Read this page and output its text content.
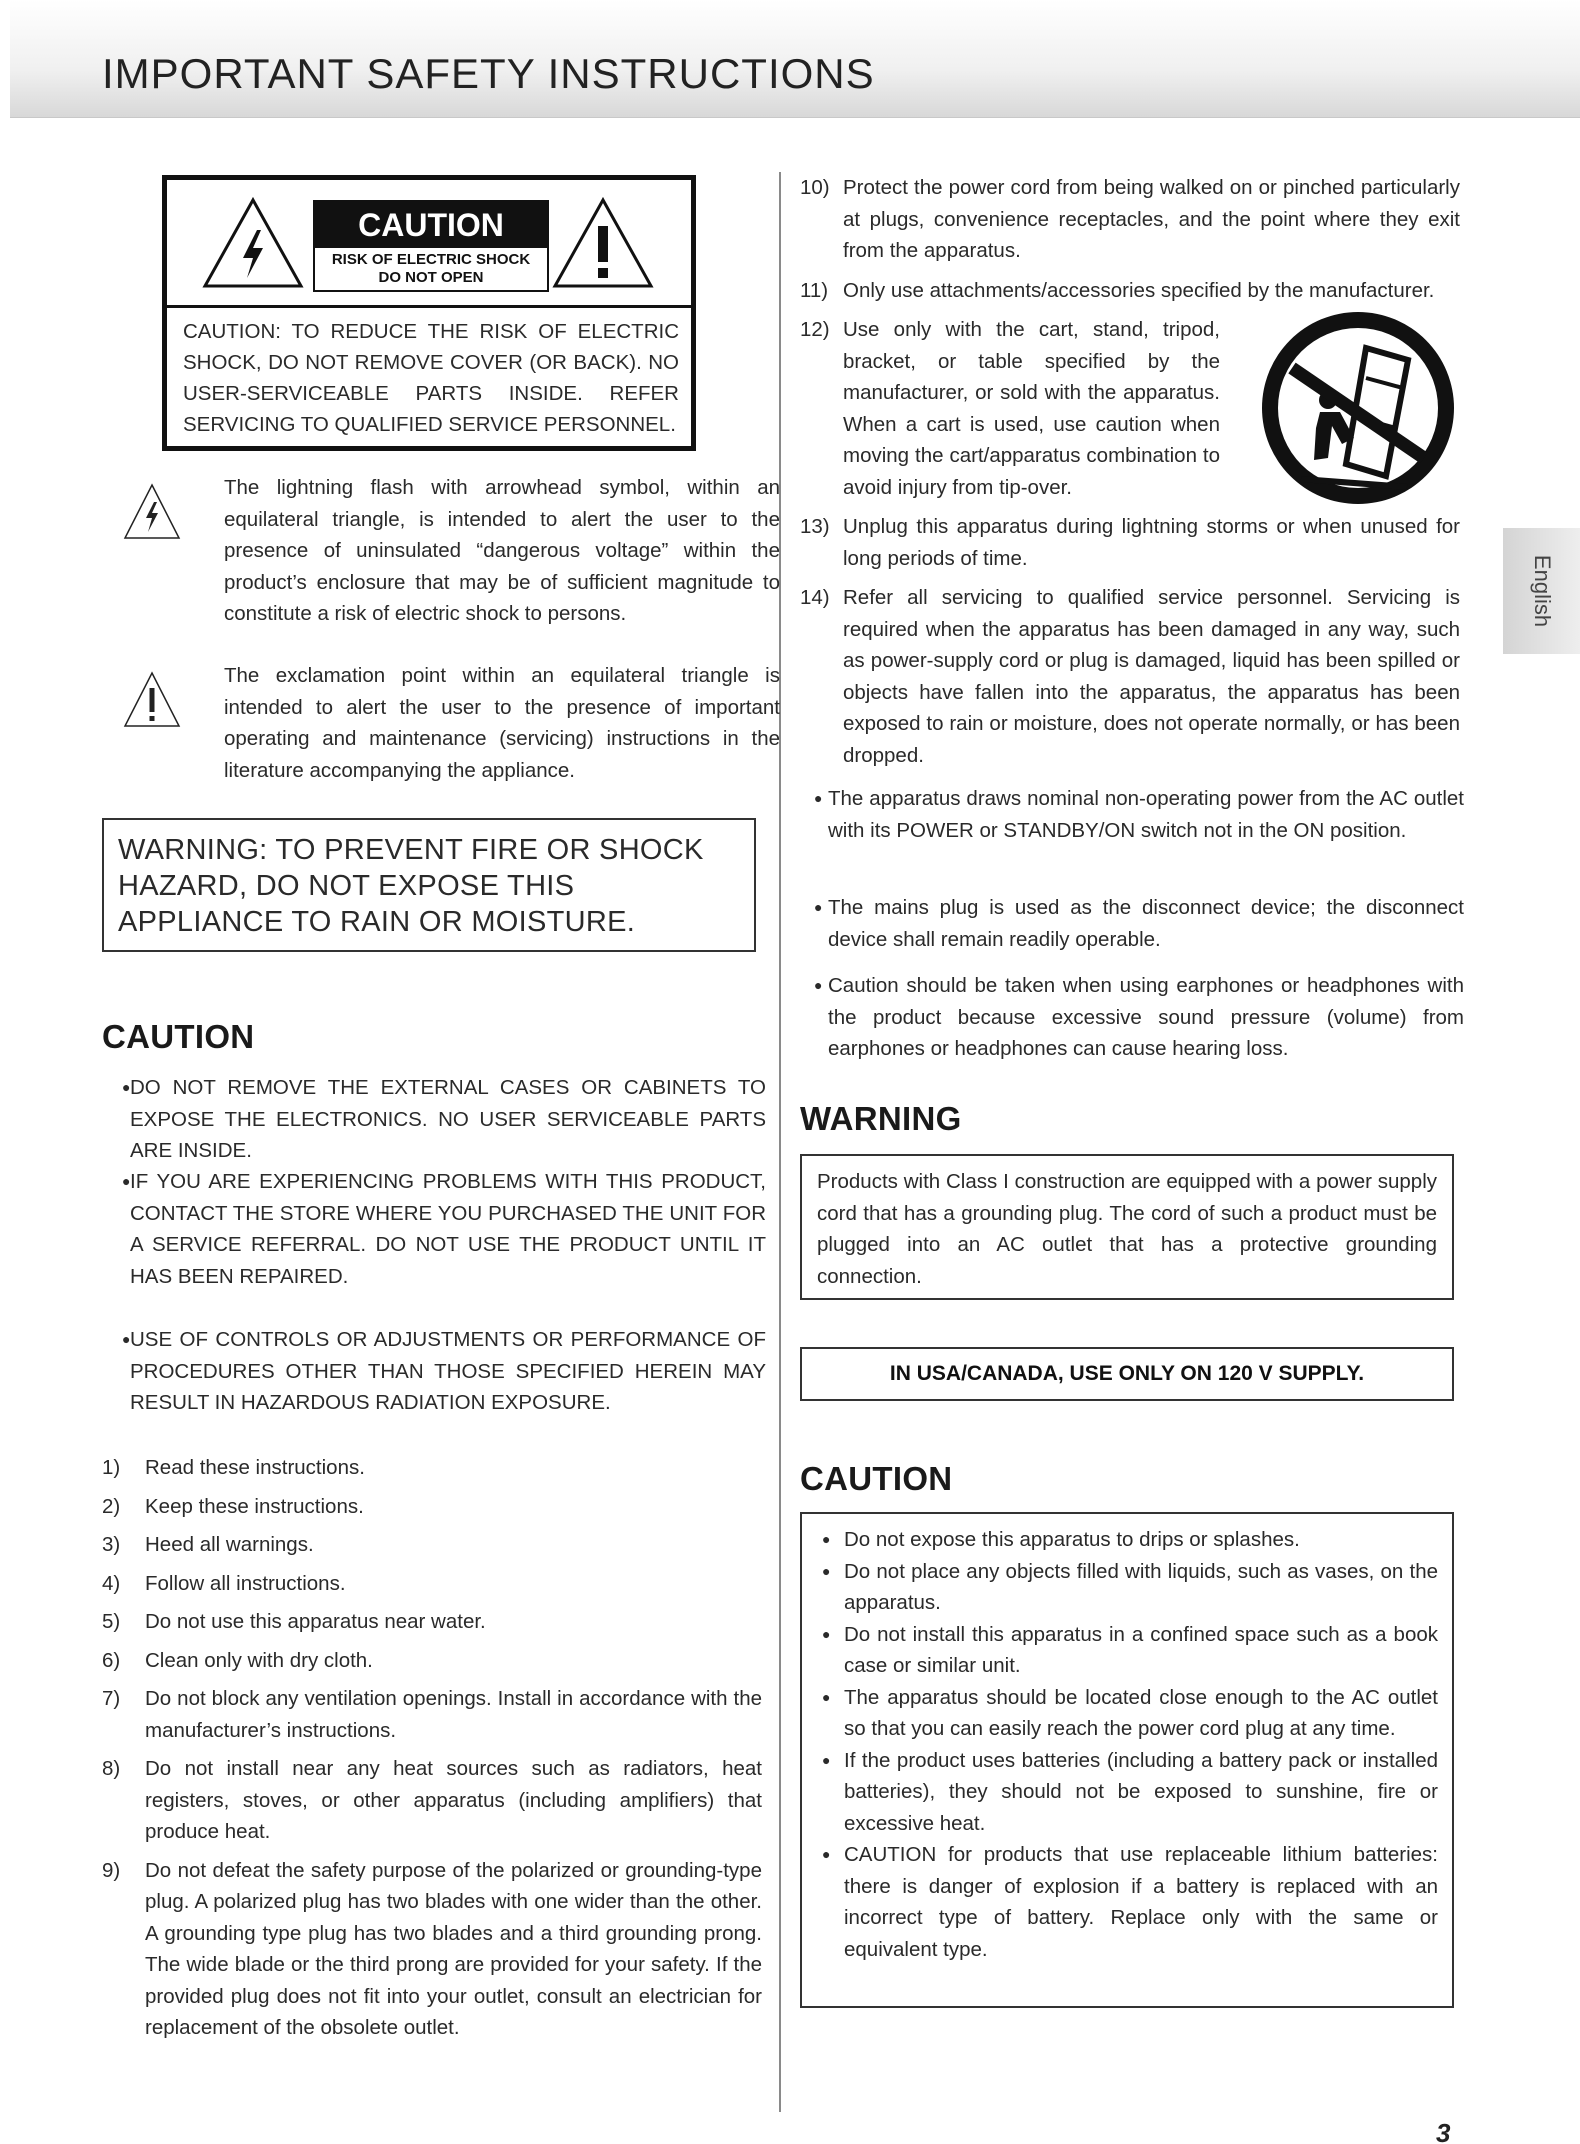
IMPORTANT SAFETY INSTRUCTIONS
English
CAUTION
RISK OF ELECTRIC SHOCK
DO NOT OPEN
CAUTION: TO REDUCE THE RISK OF ELECTRIC SHOCK, DO NOT REMOVE COVER (OR BACK). NO USER-SERVICEABLE PARTS INSIDE. REFER SERVICING TO QUALIFIED SERVICE PERSONNEL.
The lightning flash with arrowhead symbol, within an equilateral triangle, is intended to alert the user to the presence of uninsulated “dangerous voltage” within the product’s enclosure that may be of sufficient magnitude to constitute a risk of electric shock to persons.
The exclamation point within an equilateral triangle is intended to alert the user to the presence of important operating and maintenance (servicing) instructions in the literature accompanying the appliance.
WARNING: TO PREVENT FIRE OR SHOCK HAZARD, DO NOT EXPOSE THIS APPLIANCE TO RAIN OR MOISTURE.
CAUTION
● DO NOT REMOVE THE EXTERNAL CASES OR CABINETS TO EXPOSE THE ELECTRONICS. NO USER SERVICEABLE PARTS ARE INSIDE.
● IF YOU ARE EXPERIENCING PROBLEMS WITH THIS PRODUCT, CONTACT THE STORE WHERE YOU PURCHASED THE UNIT FOR A SERVICE REFERRAL. DO NOT USE THE PRODUCT UNTIL IT HAS BEEN REPAIRED.
● USE OF CONTROLS OR ADJUSTMENTS OR PERFORMANCE OF PROCEDURES OTHER THAN THOSE SPECIFIED HEREIN MAY RESULT IN HAZARDOUS RADIATION EXPOSURE.
1) Read these instructions.
2) Keep these instructions.
3) Heed all warnings.
4) Follow all instructions.
5) Do not use this apparatus near water.
6) Clean only with dry cloth.
7) Do not block any ventilation openings. Install in accordance with the manufacturer’s instructions.
8) Do not install near any heat sources such as radiators, heat registers, stoves, or other apparatus (including amplifiers) that produce heat.
9) Do not defeat the safety purpose of the polarized or grounding-type plug. A polarized plug has two blades with one wider than the other. A grounding type plug has two blades and a third grounding prong. The wide blade or the third prong are provided for your safety. If the provided plug does not fit into your outlet, consult an electrician for replacement of the obsolete outlet.
10) Protect the power cord from being walked on or pinched particularly at plugs, convenience receptacles, and the point where they exit from the apparatus.
11) Only use attachments/accessories specified by the manufacturer.
12) Use only with the cart, stand, tripod, bracket, or table specified by the manufacturer, or sold with the apparatus. When a cart is used, use caution when moving the cart/apparatus combination to avoid injury from tip-over.
13) Unplug this apparatus during lightning storms or when unused for long periods of time.
14) Refer all servicing to qualified service personnel. Servicing is required when the apparatus has been damaged in any way, such as power-supply cord or plug is damaged, liquid has been spilled or objects have fallen into the apparatus, the apparatus has been exposed to rain or moisture, does not operate normally, or has been dropped.
● The apparatus draws nominal non-operating power from the AC outlet with its POWER or STANDBY/ON switch not in the ON position.
● The mains plug is used as the disconnect device; the disconnect device shall remain readily operable.
● Caution should be taken when using earphones or headphones with the product because excessive sound pressure (volume) from earphones or headphones can cause hearing loss.
WARNING
Products with Class Ι construction are equipped with a power supply cord that has a grounding plug. The cord of such a product must be plugged into an AC outlet that has a protective grounding connection.
IN USA/CANADA, USE ONLY ON 120 V SUPPLY.
CAUTION
● Do not expose this apparatus to drips or splashes.
● Do not place any objects filled with liquids, such as vases, on the apparatus.
● Do not install this apparatus in a confined space such as a book case or similar unit.
● The apparatus should be located close enough to the AC outlet so that you can easily reach the power cord plug at any time.
● If the product uses batteries (including a battery pack or installed batteries), they should not be exposed to sunshine, fire or excessive heat.
● CAUTION for products that use replaceable lithium batteries: there is danger of explosion if a battery is replaced with an incorrect type of battery. Replace only with the same or equivalent type.
3
